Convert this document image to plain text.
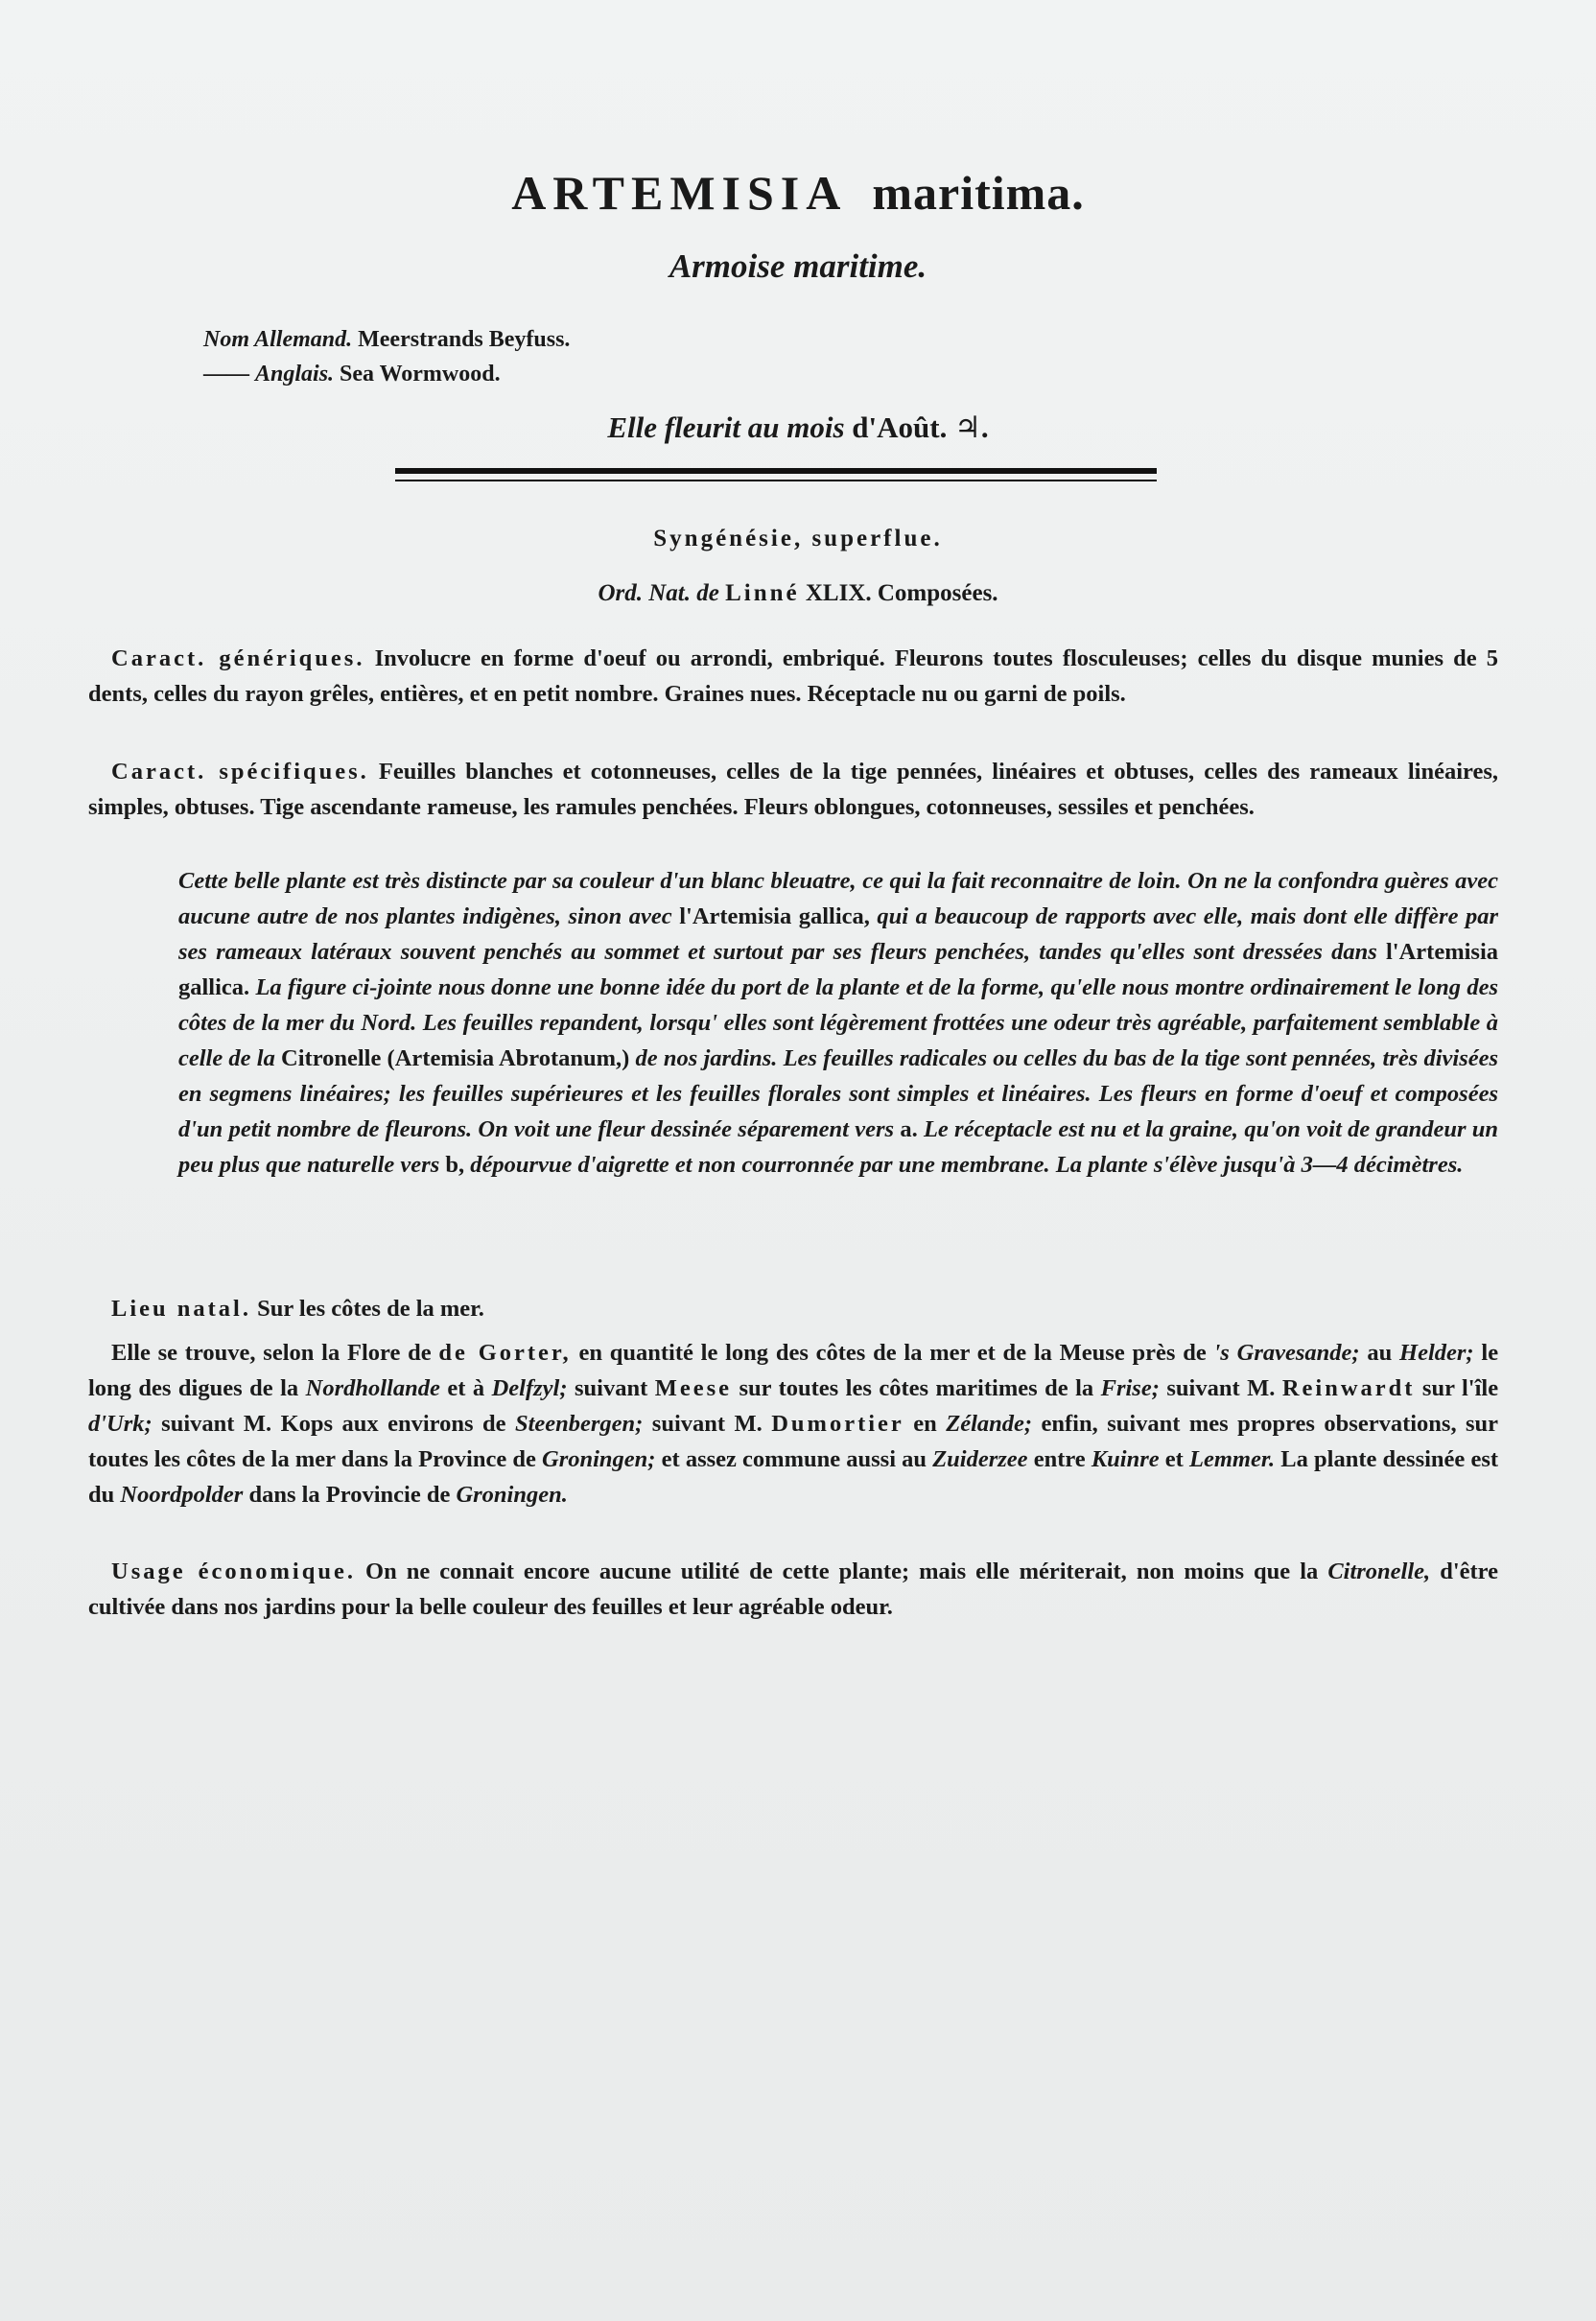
ARTEMISIA maritima.
Armoise maritime.
Nom Allemand. Meerstrands Beyfuss.
—— Anglais. Sea Wormwood.
Elle fleurit au mois d'Août. ♃.
Syngénésie, superflue.
Ord. Nat. de Linné XLIX. Composées.

Caract. génériques. Involucre en forme d'oeuf ou arrondi, embriqué. Fleurons toutes flosculeuses; celles du disque munies de 5 dents, celles du rayon grêles, entières, et en petit nombre. Graines nues. Réceptacle nu ou garni de poils.

Caract. spécifiques. Feuilles blanches et cotonneuses, celles de la tige pennées, linéaires et obtuses, celles des rameaux linéaires, simples, obtuses. Tige ascendante rameuse, les ramules penchées. Fleurs oblongues, cotonneuses, sessiles et penchées.

Cette belle plante est très distincte par sa couleur d'un blanc bleuatre, ce qui la fait reconnaitre de loin. On ne la confondra guères avec aucune autre de nos plantes indigènes, sinon avec l'Artemisia gallica, qui a beaucoup de rapports avec elle, mais dont elle diffère par ses rameaux latéraux souvent penchés au sommet et surtout par ses fleurs penchées, tandes qu'elles sont dressées dans l'Artemisia gallica. La figure ci-jointe nous donne une bonne idée du port de la plante et de la forme, qu'elle nous montre ordinairement le long des côtes de la mer du Nord. Les feuilles repandent, lorsqu' elles sont légèrement frottées une odeur très agréable, parfaitement semblable à celle de la Citronelle (Artemisia Abrotanum,) de nos jardins. Les feuilles radicales ou celles du bas de la tige sont pennées, très divisées en segmens linéaires; les feuilles supérieures et les feuilles florales sont simples et linéaires. Les fleurs en forme d'oeuf et composées d'un petit nombre de fleurons. On voit une fleur dessinée séparement vers a. Le réceptacle est nu et la graine, qu'on voit de grandeur un peu plus que naturelle vers b, dépourvue d'aigrette et non courronnée par une membrane. La plante s'élève jusqu'à 3—4 décimètres.

Lieu natal. Sur les côtes de la mer.

Elle se trouve, selon la Flore de de Gorter, en quantité le long des côtes de la mer et de la Meuse près de 's Gravesande; au Helder; le long des digues de la Nordhollande et à Delfzyl; suivant Meese sur toutes les côtes maritimes de la Frise; suivant M. Reinwardt sur l'île d'Urk; suivant M. Kops aux environs de Steenbergen; suivant M. Dumortier en Zélande; enfin, suivant mes propres observations, sur toutes les côtes de la mer dans la Province de Groningen; et assez commune aussi au Zuiderzee entre Kuinre et Lemmer. La plante dessinée est du Noordpolder dans la Provincie de Groningen.

Usage économique. On ne connait encore aucune utilité de cette plante; mais elle mériterait, non moins que la Citronelle, d'être cultivée dans nos jardins pour la belle couleur des feuilles et leur agréable odeur.
